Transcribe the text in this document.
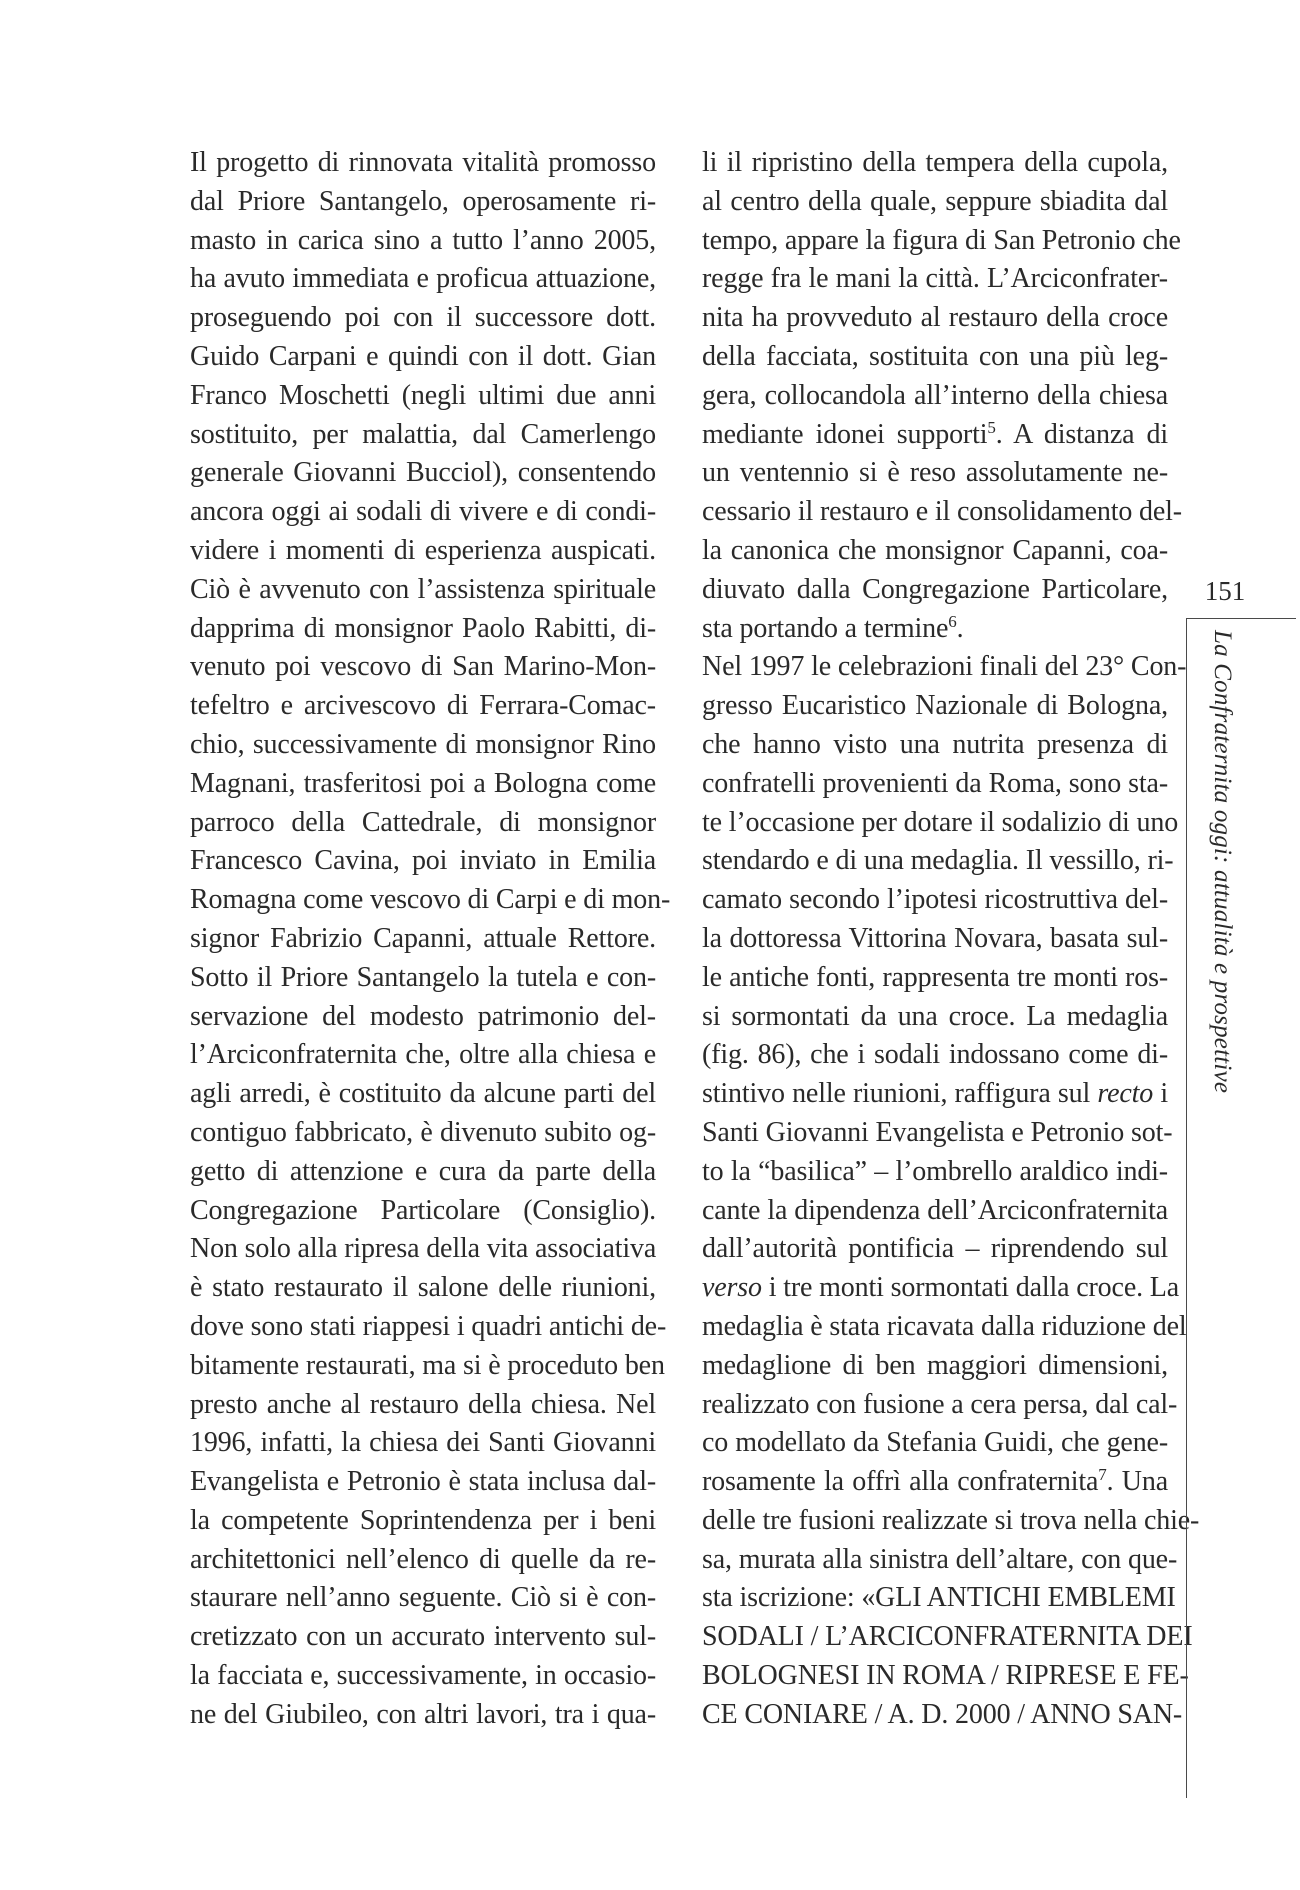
Il progetto di rinnovata vitalità promosso
dal Priore Santangelo, operosamente ri-
masto in carica sino a tutto l’anno 2005,
ha avuto immediata e proficua attuazione,
proseguendo poi con il successore dott.
Guido Carpani e quindi con il dott. Gian
Franco Moschetti (negli ultimi due anni
sostituito, per malattia, dal Camerlengo
generale Giovanni Bucciol), consentendo
ancora oggi ai sodali di vivere e di condi-
videre i momenti di esperienza auspicati.
Ciò è avvenuto con l’assistenza spirituale
dapprima di monsignor Paolo Rabitti, di-
venuto poi vescovo di San Marino-Mon-
tefeltro e arcivescovo di Ferrara-Comac-
chio, successivamente di monsignor Rino
Magnani, trasferitosi poi a Bologna come
parroco della Cattedrale, di monsignor
Francesco Cavina, poi inviato in Emilia
Romagna come vescovo di Carpi e di mon-
signor Fabrizio Capanni, attuale Rettore.
Sotto il Priore Santangelo la tutela e con-
servazione del modesto patrimonio del-
l’Arciconfraternita che, oltre alla chiesa e
agli arredi, è costituito da alcune parti del
contiguo fabbricato, è divenuto subito og-
getto di attenzione e cura da parte della
Congregazione Particolare (Consiglio).
Non solo alla ripresa della vita associativa
è stato restaurato il salone delle riunioni,
dove sono stati riappesi i quadri antichi de-
bitamente restaurati, ma si è proceduto ben
presto anche al restauro della chiesa. Nel
1996, infatti, la chiesa dei Santi Giovanni
Evangelista e Petronio è stata inclusa dal-
la competente Soprintendenza per i beni
architettonici nell’elenco di quelle da re-
staurare nell’anno seguente. Ciò si è con-
cretizzato con un accurato intervento sul-
la facciata e, successivamente, in occasio-
ne del Giubileo, con altri lavori, tra i qua-
li il ripristino della tempera della cupola,
al centro della quale, seppure sbiadita dal
tempo, appare la figura di San Petronio che
regge fra le mani la città. L’Arciconfrater-
nita ha provveduto al restauro della croce
della facciata, sostituita con una più leg-
gera, collocandola all’interno della chiesa
mediante idonei supporti$^5$. A distanza di
un ventennio si è reso assolutamente ne-
cessario il restauro e il consolidamento del-
la canonica che monsignor Capanni, coa-
diuvato dalla Congregazione Particolare,
sta portando a termine$^6$.
Nel 1997 le celebrazioni finali del 23° Con-
gresso Eucaristico Nazionale di Bologna,
che hanno visto una nutrita presenza di
confratelli provenienti da Roma, sono sta-
te l’occasione per dotare il sodalizio di uno
stendardo e di una medaglia. Il vessillo, ri-
camato secondo l’ipotesi ricostruttiva del-
la dottoressa Vittorina Novara, basata sul-
le antiche fonti, rappresenta tre monti ros-
si sormontati da una croce. La medaglia
(fig. 86), che i sodali indossano come di-
stintivo nelle riunioni, raffigura sul recto i
Santi Giovanni Evangelista e Petronio sot-
to la “basilica” – l’ombrello araldico indi-
cante la dipendenza dell’Arciconfraternita
dall’autorità pontificia – riprendendo sul
verso i tre monti sormontati dalla croce. La
medaglia è stata ricavata dalla riduzione del
medaglione di ben maggiori dimensioni,
realizzato con fusione a cera persa, dal cal-
co modellato da Stefania Guidi, che gene-
rosamente la offrì alla confraternita$^7$. Una
delle tre fusioni realizzate si trova nella chie-
sa, murata alla sinistra dell’altare, con que-
sta iscrizione: «GLI ANTICHI EMBLEMI
SODALI / L’ARCICONFRATERNITA DEI
BOLOGNESI IN ROMA / RIPRESE E FE-
CE CONIARE / A. D. 2000 / ANNO SAN-
151
La Confraternita oggi: attualità e prospettive
